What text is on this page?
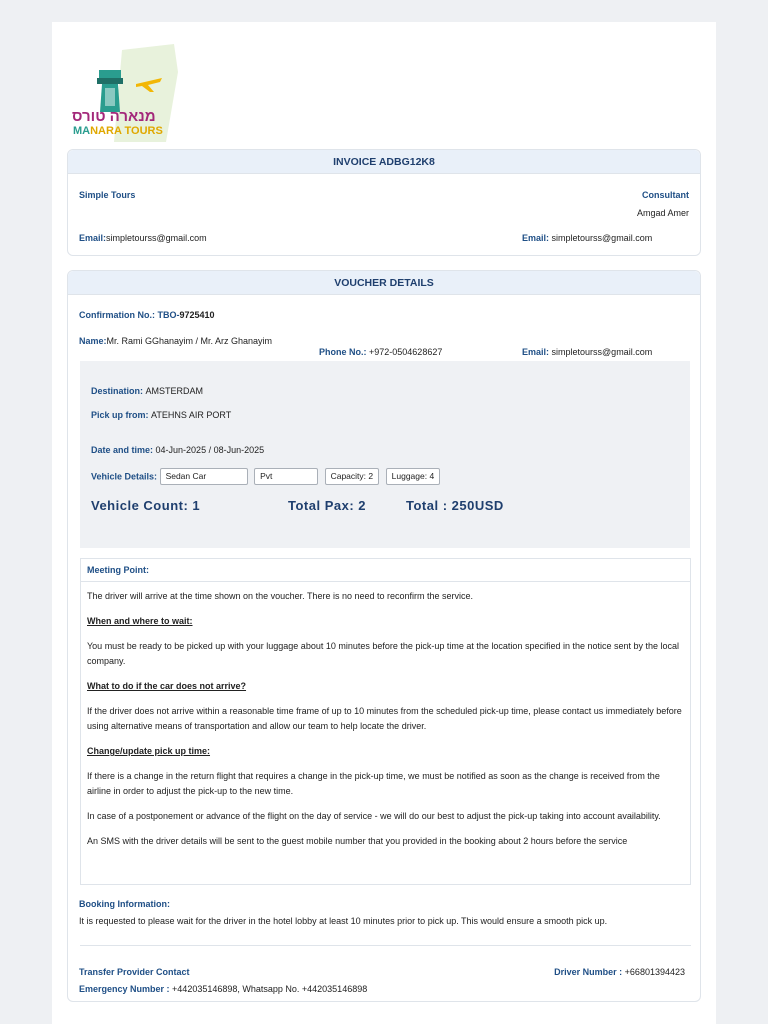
מנארה טורס
MANARA TOURS
INVOICE ADBG12K8
Simple Tours	Consultant
Amgad Amer
Email:simpletourss@gmail.com	Email: simpletourss@gmail.com
VOUCHER DETAILS
Confirmation No.: TBO-9725410
Name:Mr. Rami GGhanayim / Mr. Arz Ghanayim
Phone No.: +972-0504628627	Email: simpletourss@gmail.com
Destination: AMSTERDAM
Pick up from: ATEHNS AIR PORT
Date and time: 04-Jun-2025 / 08-Jun-2025
Vehicle Details: Sedan Car	Pvt	Capacity: 2 Luggage: 4
Vehicle Count: 1	Total Pax: 2	Total : 250USD
Meeting Point:

The driver will arrive at the time shown on the voucher. There is no need to reconfirm the service.

When and where to wait:

You must be ready to be picked up with your luggage about 10 minutes before the pick-up time at the location specified in the notice sent by the local company.

What to do if the car does not arrive?

If the driver does not arrive within a reasonable time frame of up to 10 minutes from the scheduled pick-up time, please contact us immediately before using alternative means of transportation and allow our team to help locate the driver.

Change/update pick up time:

If there is a change in the return flight that requires a change in the pick-up time, we must be notified as soon as the change is received from the airline in order to adjust the pick-up to the new time.

In case of a postponement or advance of the flight on the day of service - we will do our best to adjust the pick-up taking into account availability.

An SMS with the driver details will be sent to the guest mobile number that you provided in the booking about 2 hours before the service

Booking Information:
It is requested to please wait for the driver in the hotel lobby at least 10 minutes prior to pick up. This would ensure a smooth pick up.
Transfer Provider Contact	Driver Number : +66801394423
Emergency Number : +442035146898, Whatsapp No. +442035146898
